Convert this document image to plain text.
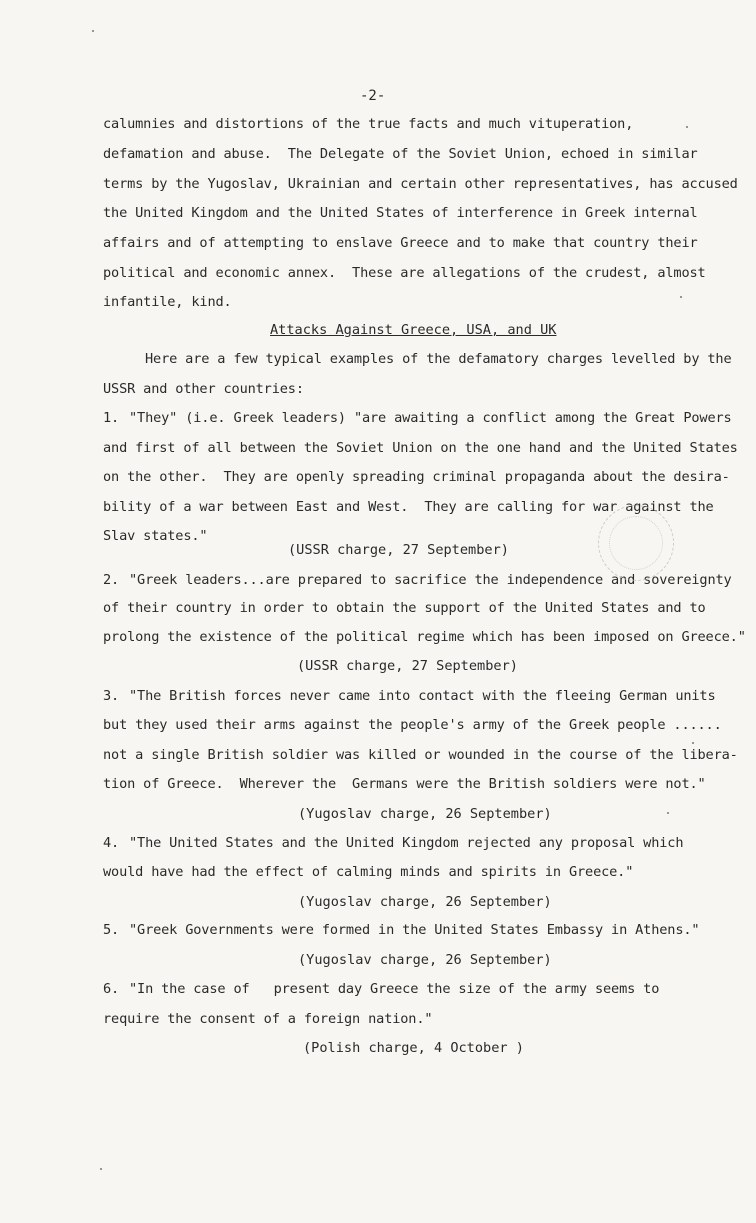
-2-
calumnies and distortions of the true facts and much vituperation,
defamation and abuse.  The Delegate of the Soviet Union, echoed in similar
terms by the Yugoslav, Ukrainian and certain other representatives, has accused
the United Kingdom and the United States of interference in Greek internal
affairs and of attempting to enslave Greece and to make that country their
political and economic annex.  These are allegations of the crudest, almost
infantile, kind.
Attacks Against Greece, USA, and UK
Here are a few typical examples of the defamatory charges levelled by the
USSR and other countries:
1. "They" (i.e. Greek leaders) "are awaiting a conflict among the Great Powers
and first of all between the Soviet Union on the one hand and the United States
on the other.  They are openly spreading criminal propaganda about the desira-
bility of a war between East and West.  They are calling for war against the
Slav states."
(USSR charge, 27 September)
2. "Greek leaders...are prepared to sacrifice the independence and sovereignty
of their country in order to obtain the support of the United States and to
prolong the existence of the political regime which has been imposed on Greece."
(USSR charge, 27 September)
3. "The British forces never came into contact with the fleeing German units
but they used their arms against the people's army of the Greek people ......
not a single British soldier was killed or wounded in the course of the libera-
tion of Greece.  Wherever the  Germans were the British soldiers were not."
(Yugoslav charge, 26 September)
4. "The United States and the United Kingdom rejected any proposal which
would have had the effect of calming minds and spirits in Greece."
(Yugoslav charge, 26 September)
5. "Greek Governments were formed in the United States Embassy in Athens."
(Yugoslav charge, 26 September)
6. "In the case of   present day Greece the size of the army seems to
require the consent of a foreign nation."
(Polish charge, 4 October )
